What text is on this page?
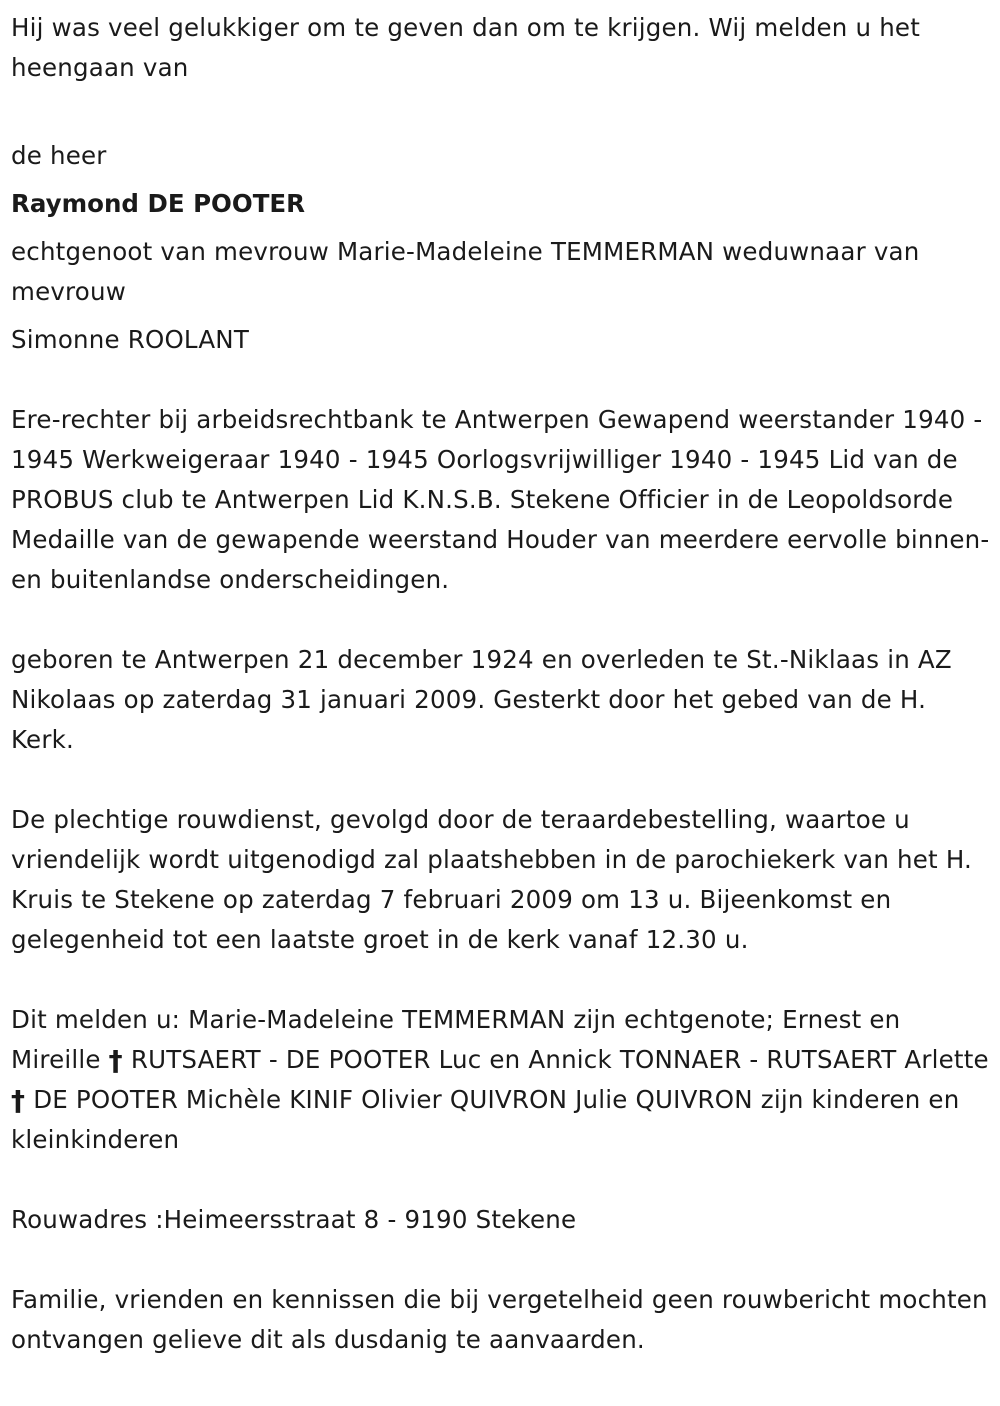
Hij was veel gelukkiger om te geven dan om te krijgen. Wij melden u het heengaan van

de heer

Raymond DE POOTER

echtgenoot van mevrouw Marie-Madeleine TEMMERMAN weduwnaar van mevrouw

Simonne ROOLANT

Ere-rechter bij arbeidsrechtbank te Antwerpen Gewapend weerstander 1940 - 1945 Werkweigeraar 1940 - 1945 Oorlogsvrijwilliger 1940 - 1945 Lid van de PROBUS club te Antwerpen Lid K.N.S.B. Stekene Officier in de Leopoldsorde Medaille van de gewapende weerstand Houder van meerdere eervolle binnen- en buitenlandse onderscheidingen.

geboren te Antwerpen 21 december 1924 en overleden te St.-Niklaas in AZ Nikolaas op zaterdag 31 januari 2009. Gesterkt door het gebed van de H. Kerk.

De plechtige rouwdienst, gevolgd door de teraardebestelling, waartoe u vriendelijk wordt uitgenodigd zal plaatshebben in de parochiekerk van het H. Kruis te Stekene op zaterdag 7 februari 2009 om 13 u. Bijeenkomst en gelegenheid tot een laatste groet in de kerk vanaf 12.30 u.

Dit melden u: Marie-Madeleine TEMMERMAN zijn echtgenote; Ernest en Mireille † RUTSAERT - DE POOTER Luc en Annick TONNAER - RUTSAERT Arlette † DE POOTER Michèle KINIF Olivier QUIVRON Julie QUIVRON zijn kinderen en kleinkinderen

Rouwadres :Heimeersstraat 8 - 9190 Stekene

Familie, vrienden en kennissen die bij vergetelheid geen rouwbericht mochten ontvangen gelieve dit als dusdanig te aanvaarden.
